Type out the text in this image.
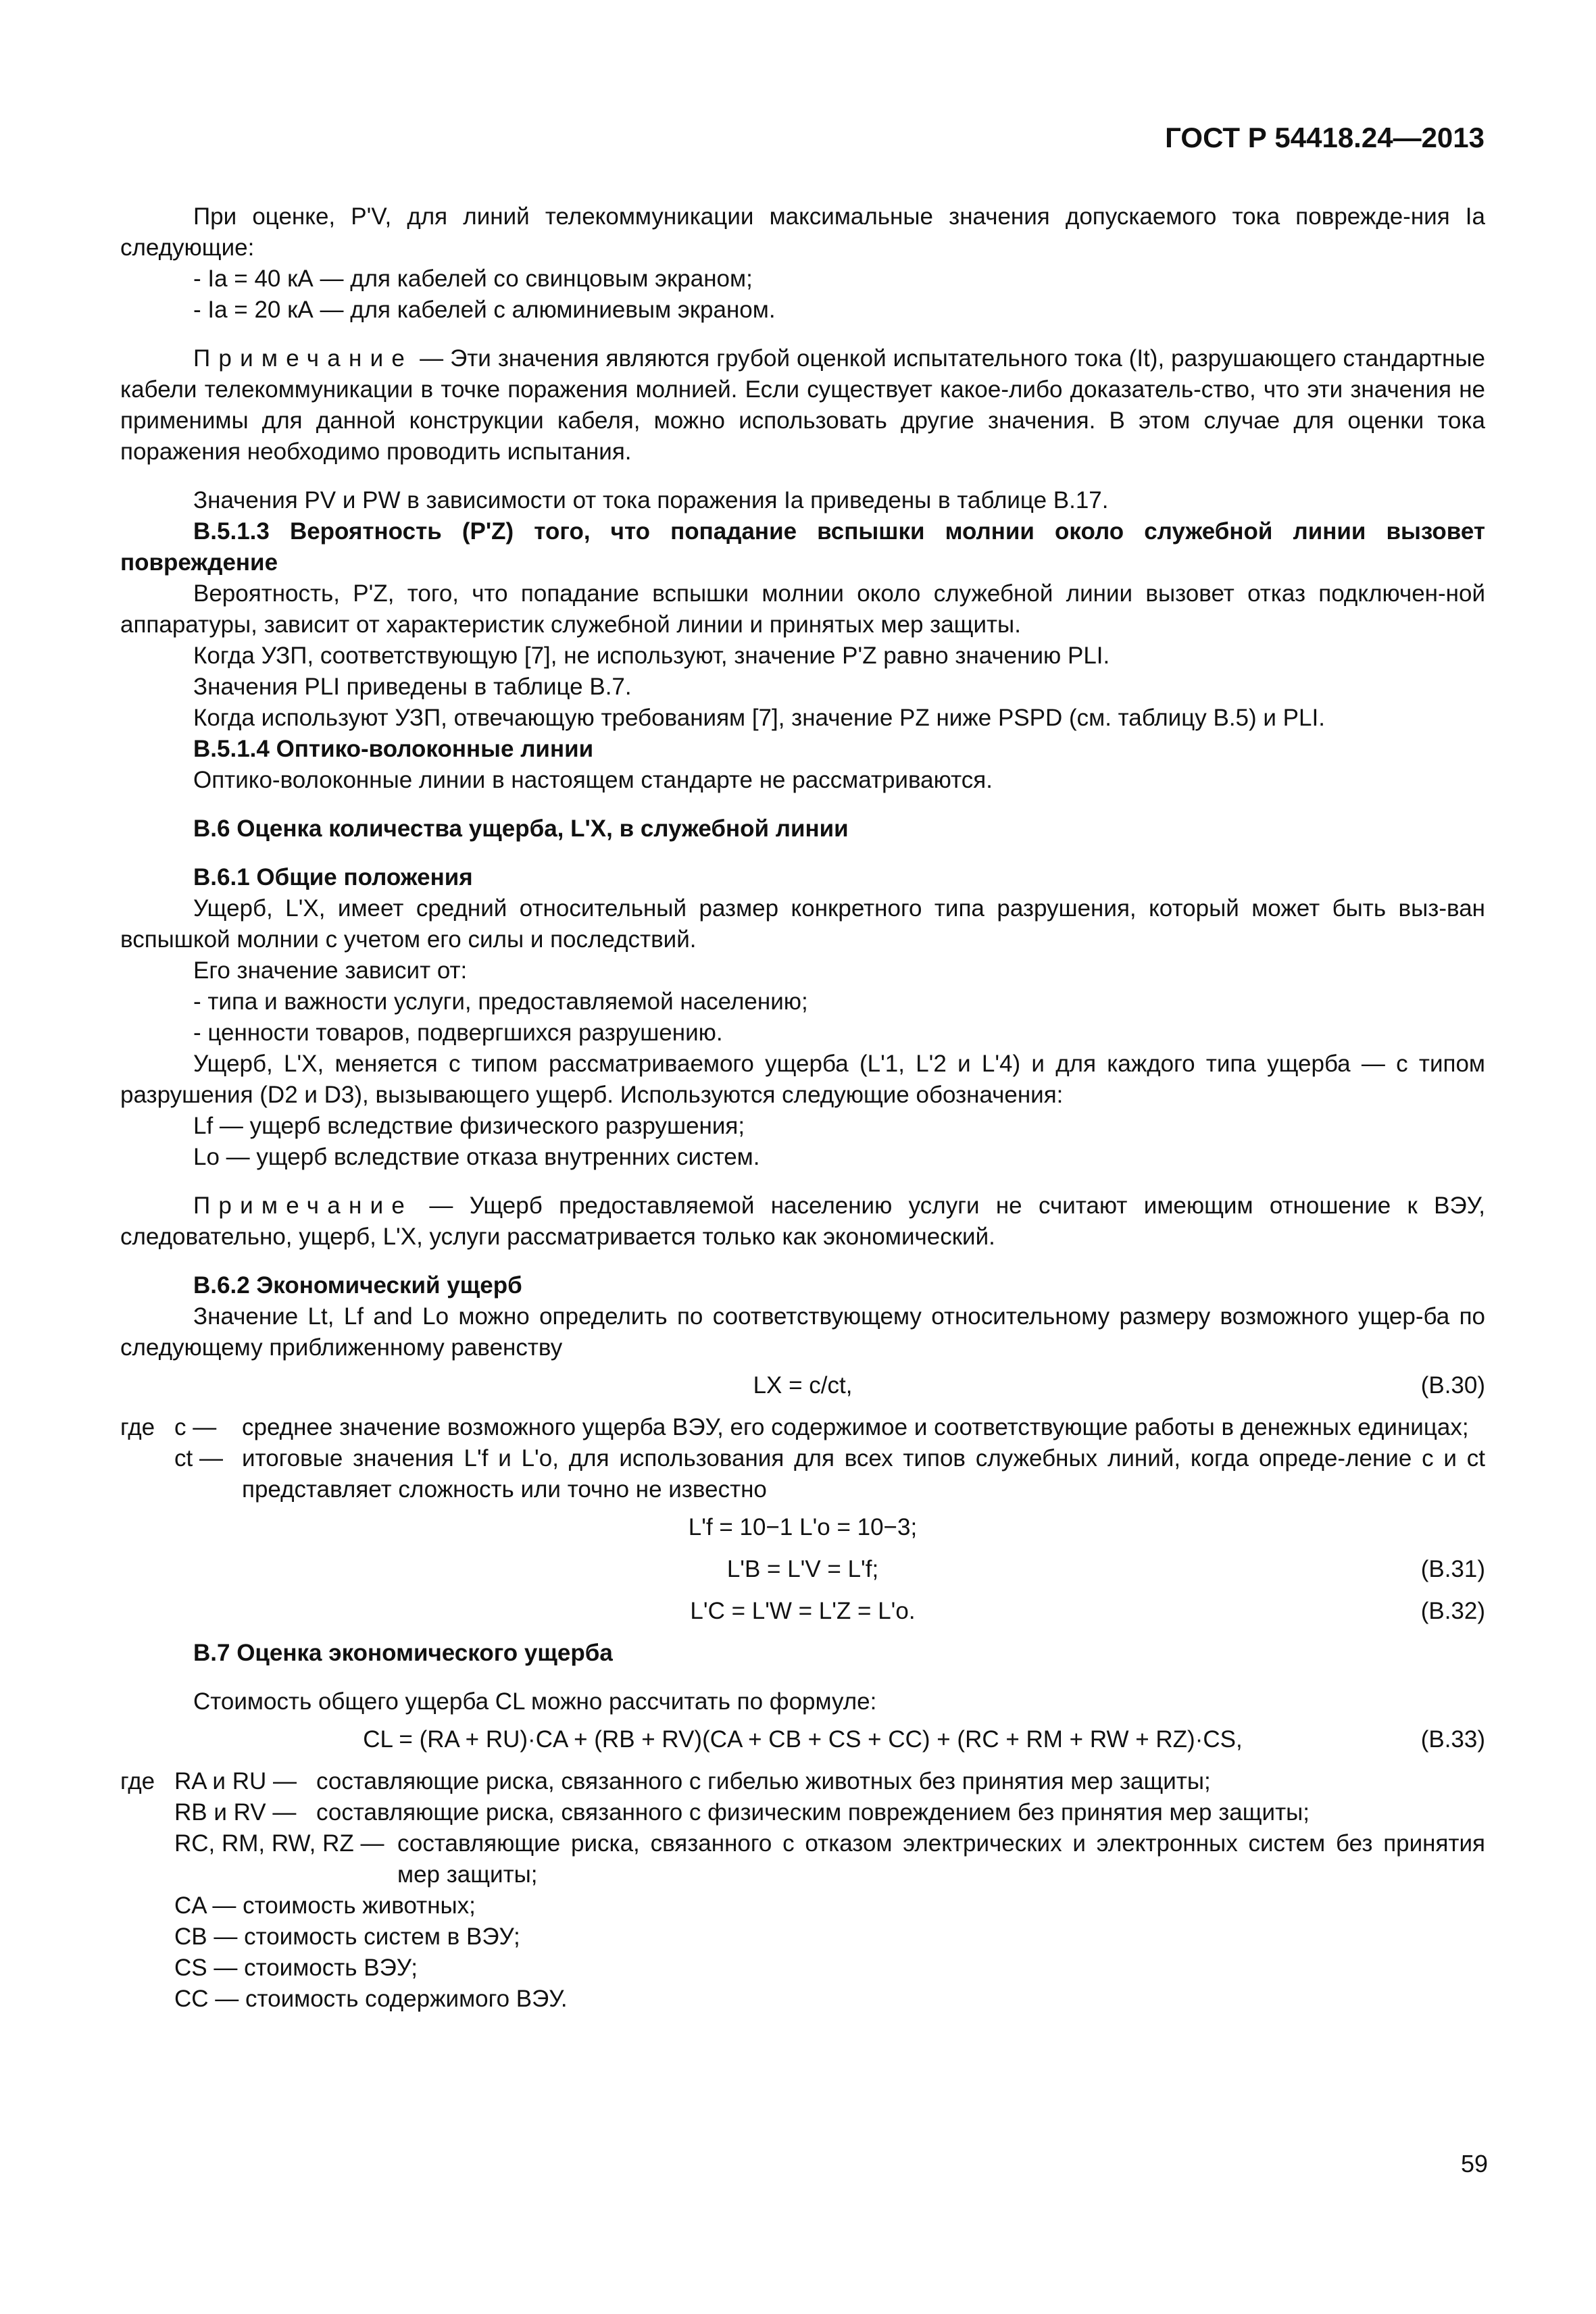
ГОСТ Р 54418.24—2013

При оценке, P'V, для линий телекоммуникации максимальные значения допускаемого тока поврежде-ния Ia следующие:

- Ia = 40 кА — для кабелей со свинцовым экраном;

- Ia = 20 кА — для кабелей с алюминиевым экраном.

Примечание — Эти значения являются грубой оценкой испытательного тока (It), разрушающего стандартные кабели телекоммуникации в точке поражения молнией. Если существует какое-либо доказатель-ство, что эти значения не применимы для данной конструкции кабеля, можно использовать другие значения. В этом случае для оценки тока поражения необходимо проводить испытания.

Значения PV и PW в зависимости от тока поражения Ia приведены в таблице В.17.

В.5.1.3 Вероятность (P'Z) того, что попадание вспышки молнии около служебной линии вызовет повреждение

Вероятность, P'Z, того, что попадание вспышки молнии около служебной линии вызовет отказ подключен-ной аппаратуры, зависит от характеристик служебной линии и принятых мер защиты.

Когда УЗП, соответствующую [7], не используют, значение P'Z равно значению PLI.

Значения PLI приведены в таблице В.7.

Когда используют УЗП, отвечающую требованиям [7], значение PZ ниже PSPD (см. таблицу В.5) и PLI.

В.5.1.4 Оптико-волоконные линии

Оптико-волоконные линии в настоящем стандарте не рассматриваются.

В.6 Оценка количества ущерба, L'X, в служебной линии

В.6.1 Общие положения

Ущерб, L'X, имеет средний относительный размер конкретного типа разрушения, который может быть выз-ван вспышкой молнии с учетом его силы и последствий.

Его значение зависит от:

- типа и важности услуги, предоставляемой населению;

- ценности товаров, подвергшихся разрушению.

Ущерб, L'X, меняется с типом рассматриваемого ущерба (L'1, L'2 и L'4) и для каждого типа ущерба — с типом разрушения (D2 и D3), вызывающего ущерб. Используются следующие обозначения:

Lf — ущерб вследствие физического разрушения;

Lo — ущерб вследствие отказа внутренних систем.

Примечание — Ущерб предоставляемой населению услуги не считают имеющим отношение к ВЭУ, следовательно, ущерб, L'X, услуги рассматривается только как экономический.

В.6.2 Экономический ущерб

Значение Lt, Lf and Lo можно определить по соответствующему относительному размеру возможного ущер-ба по следующему приближенному равенству

LX = c/ct,	(В.30)
где c —	среднее значение возможного ущерба ВЭУ, его содержимое и соответствующие работы в денежных единицах;
ct — итоговые значения L'f и L'o, для использования для всех типов служебных линий, когда опреде-ление c и ct представляет сложность или точно не известно
L'f = 10−1 L'o = 10−3;
L'B = L'V = L'f;	(В.31)
L'C = L'W = L'Z = L'o.	(В.32)

В.7 Оценка экономического ущерба

Стоимость общего ущерба CL можно рассчитать по формуле:

CL = (RA + RU)·CA + (RB + RV)(CA + CB + CS + CC) + (RC + RM + RW + RZ)·CS,	(В.33)
где RA и RU — составляющие риска, связанного с гибелью животных без принятия мер защиты;
RB и RV — составляющие риска, связанного с физическим повреждением без принятия мер защиты;
RC, RM, RW, RZ — составляющие риска, связанного с отказом электрических и электронных систем без принятия мер защиты;

CA — стоимость животных;

CB — стоимость систем в ВЭУ;

CS — стоимость ВЭУ;

CC — стоимость содержимого ВЭУ.

59
